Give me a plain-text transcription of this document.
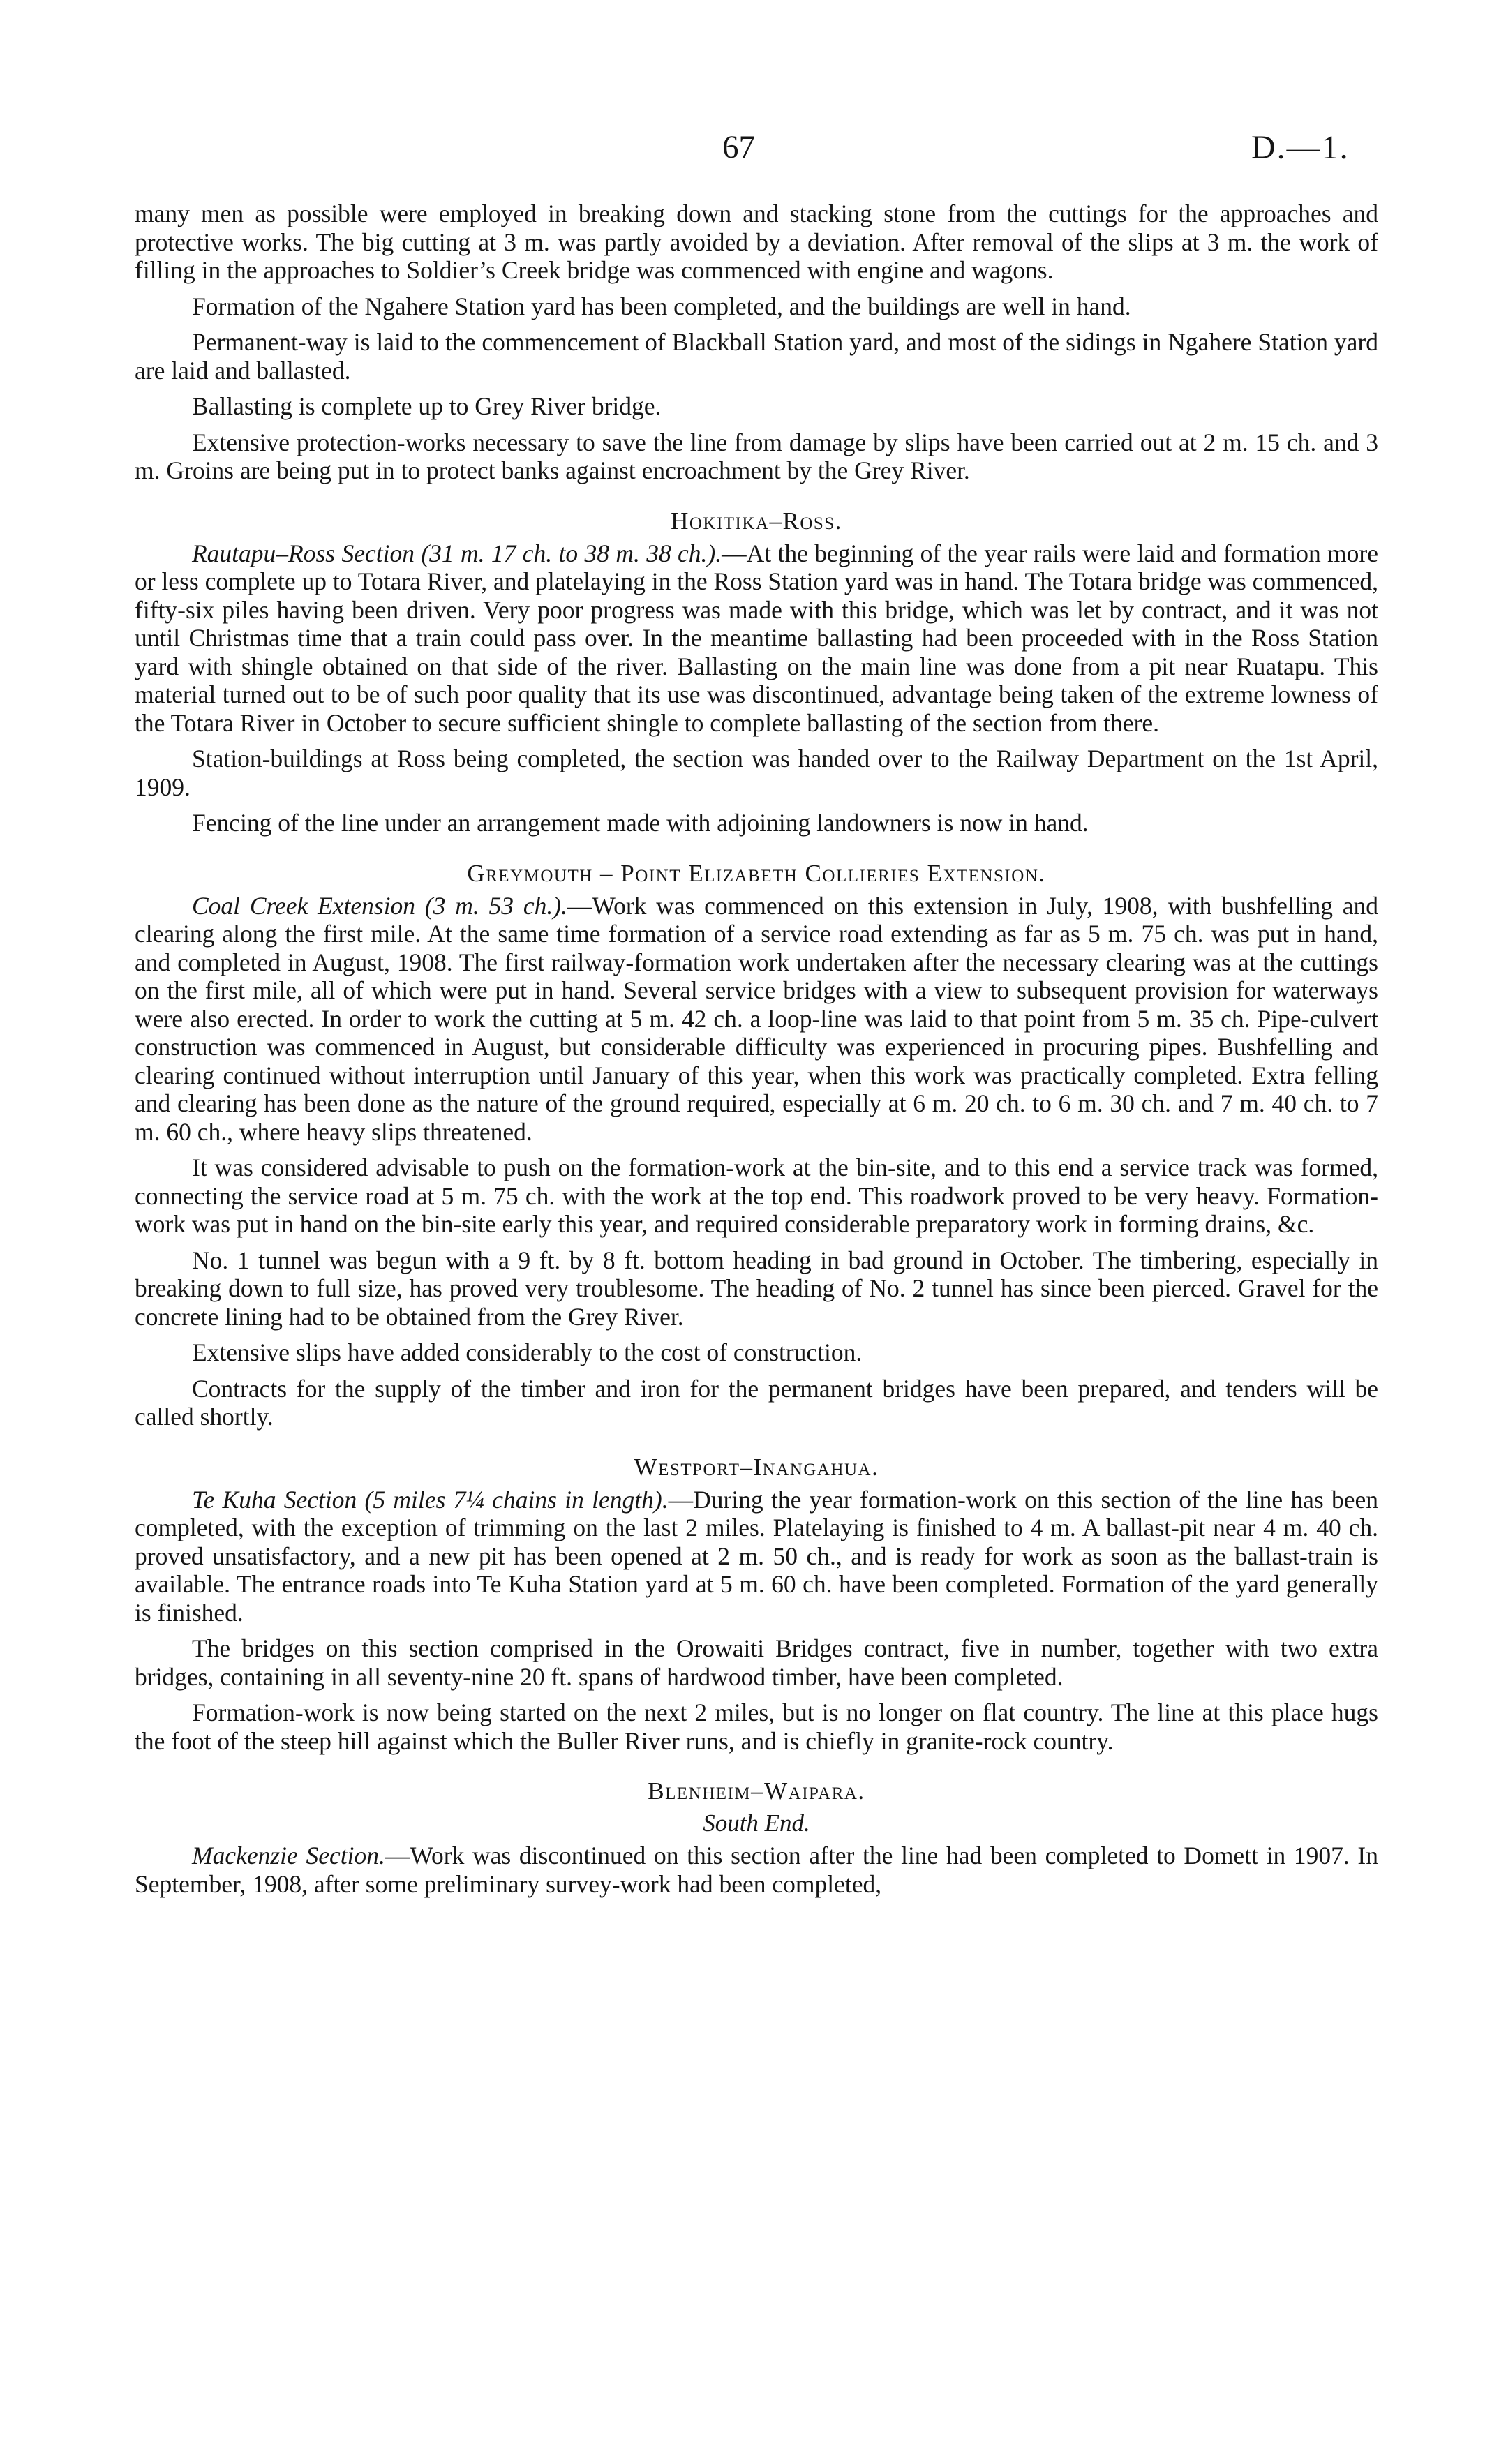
67	D.—1.

many men as possible were employed in breaking down and stacking stone from the cuttings for the approaches and protective works. The big cutting at 3 m. was partly avoided by a deviation. After removal of the slips at 3 m. the work of filling in the approaches to Soldier’s Creek bridge was commenced with engine and wagons.

Formation of the Ngahere Station yard has been completed, and the buildings are well in hand.

Permanent-way is laid to the commencement of Blackball Station yard, and most of the sidings in Ngahere Station yard are laid and ballasted.

Ballasting is complete up to Grey River bridge.

Extensive protection-works necessary to save the line from damage by slips have been carried out at 2 m. 15 ch. and 3 m. Groins are being put in to protect banks against encroachment by the Grey River.

Hokitika–Ross.

Rautapu–Ross Section (31 m. 17 ch. to 38 m. 38 ch.).—At the beginning of the year rails were laid and formation more or less complete up to Totara River, and platelaying in the Ross Station yard was in hand. The Totara bridge was commenced, fifty-six piles having been driven. Very poor progress was made with this bridge, which was let by contract, and it was not until Christmas time that a train could pass over. In the meantime ballasting had been proceeded with in the Ross Station yard with shingle obtained on that side of the river. Ballasting on the main line was done from a pit near Ruatapu. This material turned out to be of such poor quality that its use was discontinued, advantage being taken of the extreme lowness of the Totara River in October to secure sufficient shingle to complete ballasting of the section from there.

Station-buildings at Ross being completed, the section was handed over to the Railway Department on the 1st April, 1909.

Fencing of the line under an arrangement made with adjoining landowners is now in hand.

Greymouth – Point Elizabeth Collieries Extension.

Coal Creek Extension (3 m. 53 ch.).—Work was commenced on this extension in July, 1908, with bushfelling and clearing along the first mile. At the same time formation of a service road extending as far as 5 m. 75 ch. was put in hand, and completed in August, 1908. The first railway-formation work undertaken after the necessary clearing was at the cuttings on the first mile, all of which were put in hand. Several service bridges with a view to subsequent provision for waterways were also erected. In order to work the cutting at 5 m. 42 ch. a loop-line was laid to that point from 5 m. 35 ch. Pipe-culvert construction was commenced in August, but considerable difficulty was experienced in procuring pipes. Bushfelling and clearing continued without interruption until January of this year, when this work was practically completed. Extra felling and clearing has been done as the nature of the ground required, especially at 6 m. 20 ch. to 6 m. 30 ch. and 7 m. 40 ch. to 7 m. 60 ch., where heavy slips threatened.

It was considered advisable to push on the formation-work at the bin-site, and to this end a service track was formed, connecting the service road at 5 m. 75 ch. with the work at the top end. This roadwork proved to be very heavy. Formation-work was put in hand on the bin-site early this year, and required considerable preparatory work in forming drains, &c.

No. 1 tunnel was begun with a 9 ft. by 8 ft. bottom heading in bad ground in October. The timbering, especially in breaking down to full size, has proved very troublesome. The heading of No. 2 tunnel has since been pierced. Gravel for the concrete lining had to be obtained from the Grey River.

Extensive slips have added considerably to the cost of construction.

Contracts for the supply of the timber and iron for the permanent bridges have been prepared, and tenders will be called shortly.

Westport–Inangahua.

Te Kuha Section (5 miles 7¼ chains in length).—During the year formation-work on this section of the line has been completed, with the exception of trimming on the last 2 miles. Platelaying is finished to 4 m. A ballast-pit near 4 m. 40 ch. proved unsatisfactory, and a new pit has been opened at 2 m. 50 ch., and is ready for work as soon as the ballast-train is available. The entrance roads into Te Kuha Station yard at 5 m. 60 ch. have been completed. Formation of the yard generally is finished.

The bridges on this section comprised in the Orowaiti Bridges contract, five in number, together with two extra bridges, containing in all seventy-nine 20 ft. spans of hardwood timber, have been completed.

Formation-work is now being started on the next 2 miles, but is no longer on flat country. The line at this place hugs the foot of the steep hill against which the Buller River runs, and is chiefly in granite-rock country.

Blenheim–Waipara.
South End.

Mackenzie Section.—Work was discontinued on this section after the line had been completed to Domett in 1907. In September, 1908, after some preliminary survey-work had been completed,
